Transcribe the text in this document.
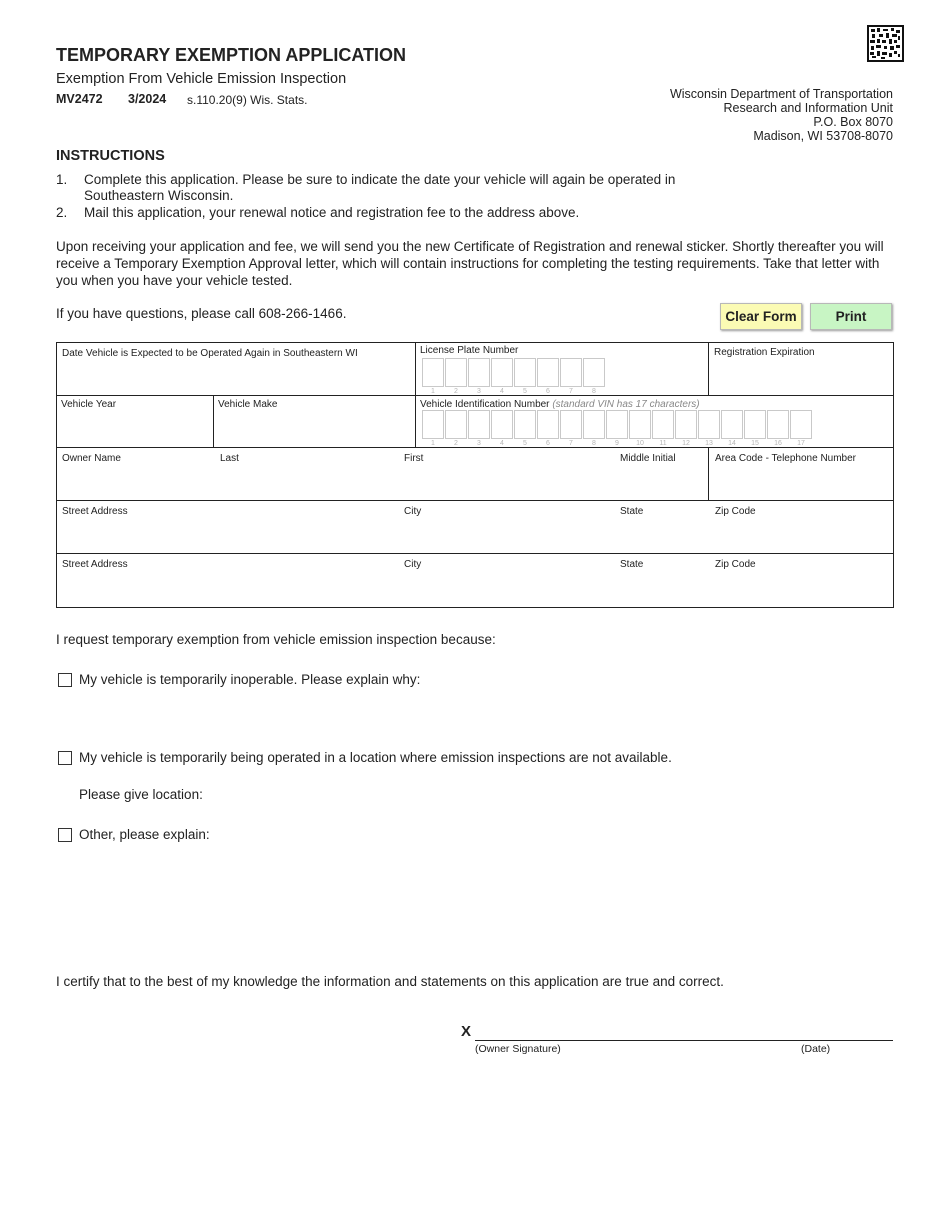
TEMPORARY EXEMPTION APPLICATION
Exemption From Vehicle Emission Inspection
MV2472 3/2024 s.110.20(9) Wis. Stats.	Wisconsin Department of Transportation
Research and Information Unit
P.O. Box 8070
Madison, WI 53708-8070
INSTRUCTIONS
1. Complete this application. Please be sure to indicate the date your vehicle will again be operated in Southeastern Wisconsin.
2. Mail this application, your renewal notice and registration fee to the address above.
Upon receiving your application and fee, we will send you the new Certificate of Registration and renewal sticker. Shortly thereafter you will receive a Temporary Exemption Approval letter, which will contain instructions for completing the testing requirements. Take that letter with you when you have your vehicle tested.
If you have questions, please call 608-266-1466.	Clear Form	Print
Date Vehicle is Expected to be Operated Again in Southeastern WI	License Plate Number
1	2	3	4	5	6	7	8
Registration Expiration
Vehicle Year	Vehicle Make	Vehicle Identification Number (standard VIN has 17 characters)
1	2	3	4	5	6	7	8	9	10	11	12	13	14	15	16	17
Owner Name	Last	First	Middle Initial	Area Code - Telephone Number
Street Address	City	State	Zip Code
Street Address	City	State	Zip Code
I request temporary exemption from vehicle emission inspection because:
My vehicle is temporarily inoperable. Please explain why:
My vehicle is temporarily being operated in a location where emission inspections are not available.
Please give location:
Other, please explain:
I certify that to the best of my knowledge the information and statements on this application are true and correct.
X
(Owner Signature)	(Date)
